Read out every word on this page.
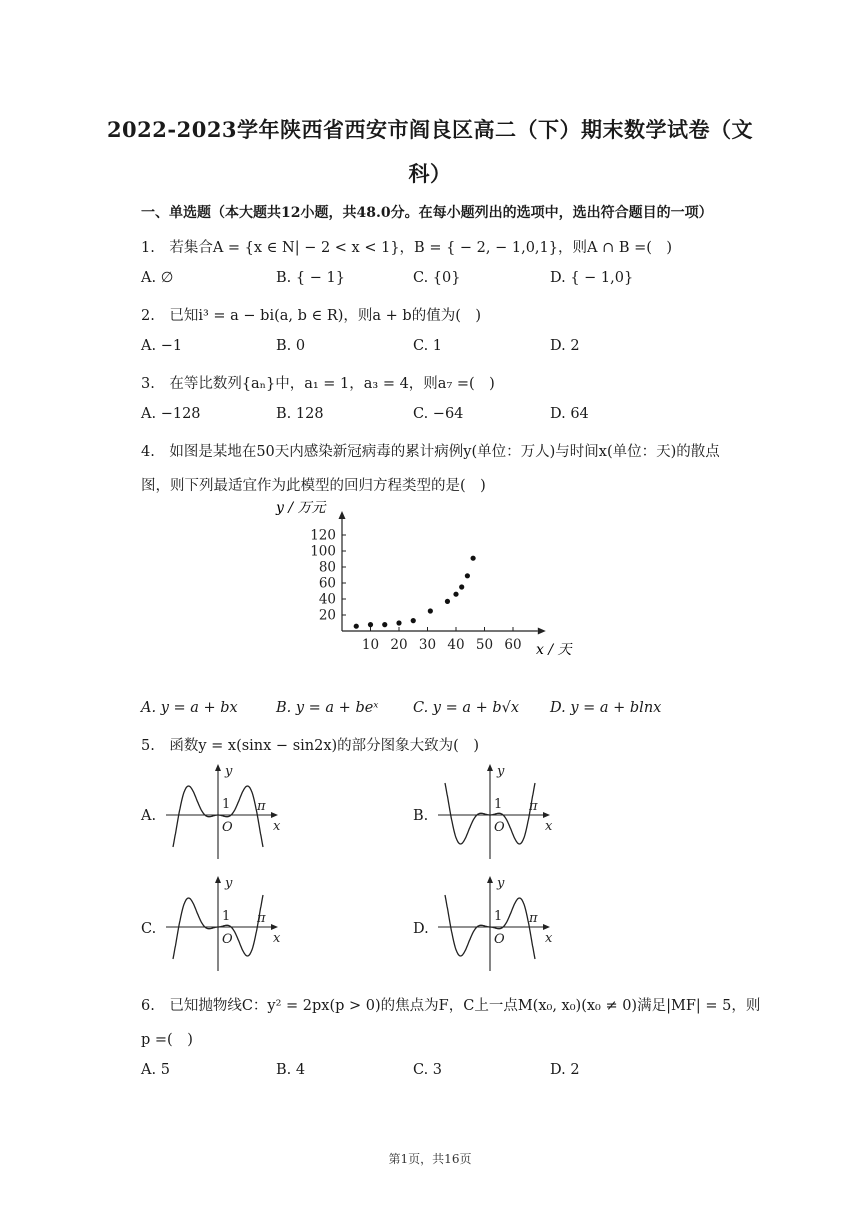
2022-2023学年陕西省西安市阎良区高二（下）期末数学试卷（文
科）
一、单选题（本大题共12小题，共48.0分。在每小题列出的选项中，选出符合题目的一项）
1.　若集合A = {x ∈ N| − 2 < x < 1}，B = { − 2, − 1,0,1}，则A ∩ B =(　)
A. ∅	B. { − 1}	C. {0}	D. { − 1,0}
2.　已知i³ = a − bi(a, b ∈ R)，则a + b的值为(　)
A. −1	B. 0	C. 1	D. 2
3.　在等比数列{aₙ}中，a₁ = 1，a₃ = 4，则a₇ =(　)
A. −128	B. 128	C. −64	D. 64
4.　如图是某地在50天内感染新冠病毒的累计病例y(单位：万人)与时间x(单位：天)的散点
图，则下列最适宜作为此模型的回归方程类型的是(　)
20
40
60
80
100
120
10 20 30 40 50 60
y / 万元
x / 天
A. y = a + bx	B. y = a + beˣ C. y = a + b√x D. y = a + blnx
5.　函数y = x(sinx − sin2x)的部分图象大致为(　)
A.	B.
C.	D.
y
x
1 π
O
y
x
1 π
O
y
x
1 π
O
y
x
1 π
O
6.　已知抛物线C：y² = 2px(p > 0)的焦点为F，C上一点M(x₀, x₀)(x₀ ≠ 0)满足|MF| = 5，则
p =(　)
A. 5	B. 4	C. 3	D. 2
第1页，共16页
